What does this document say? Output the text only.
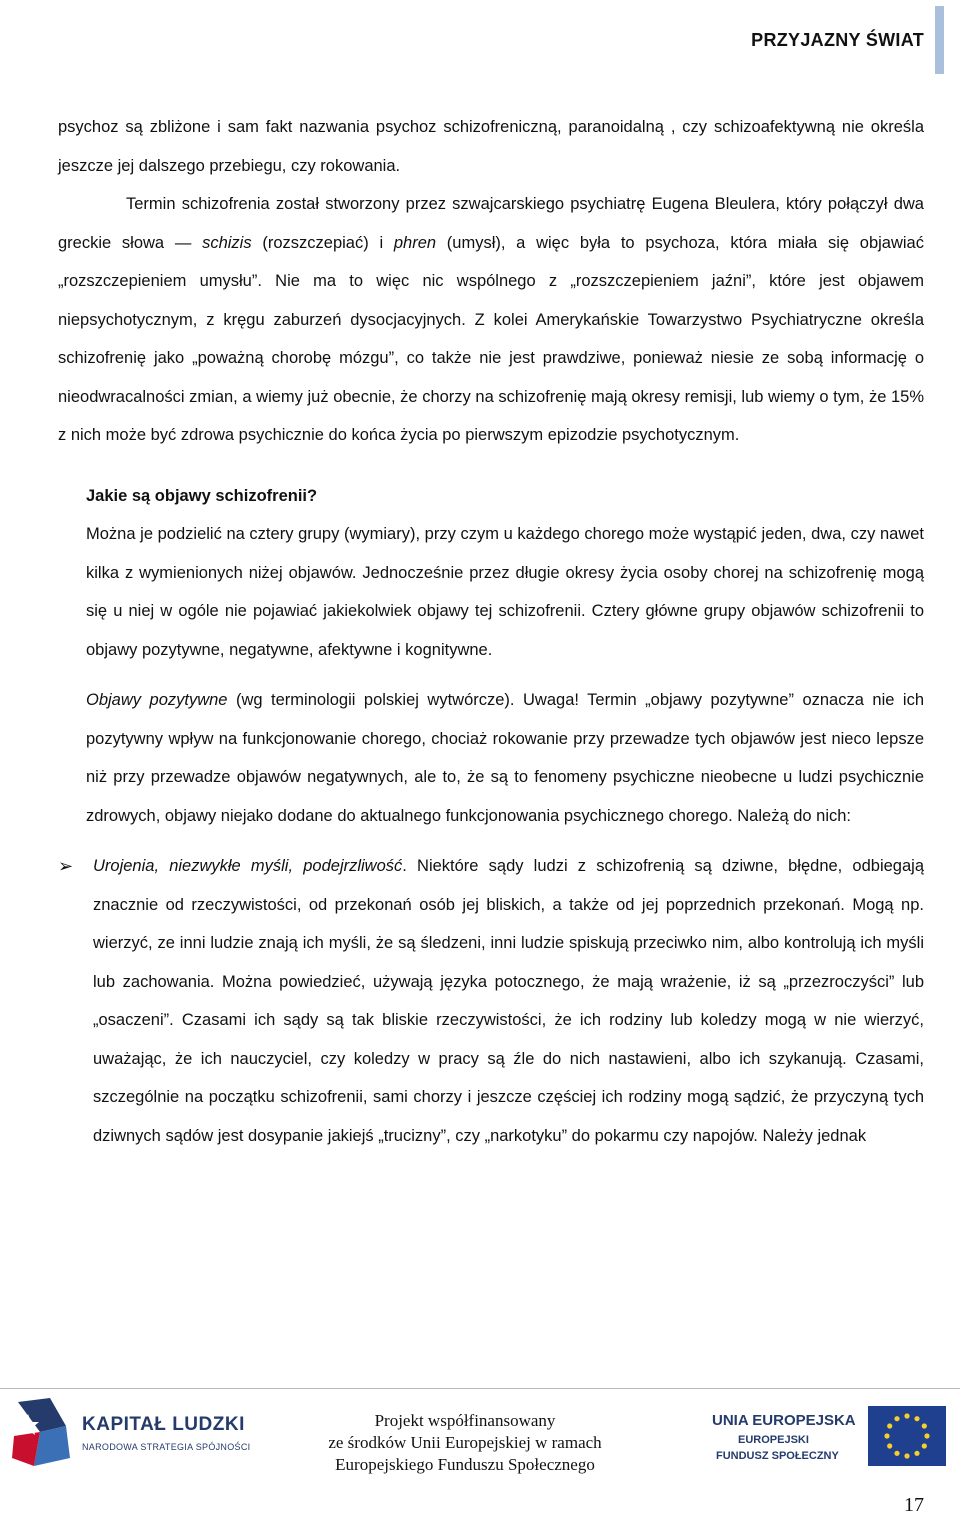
PRZYJAZNY ŚWIAT

psychoz są zbliżone i sam fakt nazwania psychoz schizofreniczną, paranoidalną , czy schizoafektywną nie określa jeszcze jej dalszego przebiegu, czy rokowania.

Termin schizofrenia został stworzony przez szwajcarskiego psychiatrę Eugena Bleulera, który połączył dwa greckie słowa ― schizis (rozszczepiać) i phren (umysł), a więc była to psychoza, która miała się objawiać „rozszczepieniem umysłu”. Nie ma to więc nic wspólnego z „rozszczepieniem jaźni”, które jest objawem niepsychotycznym, z kręgu zaburzeń dysocjacyjnych. Z kolei Amerykańskie Towarzystwo Psychiatryczne określa schizofrenię jako „poważną chorobę mózgu”, co także nie jest prawdziwe, ponieważ niesie ze sobą informację o nieodwracalności zmian, a wiemy już obecnie, że chorzy na schizofrenię mają okresy remisji, lub wiemy o tym, że 15% z nich może być zdrowa psychicznie do końca życia po pierwszym epizodzie psychotycznym.

Jakie są objawy schizofrenii?

Można je podzielić na cztery grupy (wymiary), przy czym u każdego chorego może wystąpić jeden, dwa, czy nawet kilka z wymienionych niżej objawów. Jednocześnie przez długie okresy życia osoby chorej na schizofrenię mogą się u niej w ogóle nie pojawiać jakiekolwiek objawy tej schizofrenii. Cztery główne grupy objawów schizofrenii to objawy pozytywne, negatywne, afektywne i kognitywne.

Objawy pozytywne (wg terminologii polskiej wytwórcze). Uwaga! Termin „objawy pozytywne” oznacza nie ich pozytywny wpływ na funkcjonowanie chorego, chociaż rokowanie przy przewadze tych objawów jest nieco lepsze niż przy przewadze objawów negatywnych, ale to, że są to fenomeny psychiczne nieobecne u ludzi psychicznie zdrowych, objawy niejako dodane do aktualnego funkcjonowania psychicznego chorego. Należą do nich:

➢	Urojenia, niezwykłe myśli, podejrzliwość. Niektóre sądy ludzi z schizofrenią są dziwne, błędne, odbiegają znacznie od rzeczywistości, od przekonań osób jej bliskich, a także od jej poprzednich przekonań. Mogą np. wierzyć, ze inni ludzie znają ich myśli, że są śledzeni, inni ludzie spiskują przeciwko nim, albo kontrolują ich myśli lub zachowania. Można powiedzieć, używają języka potocznego, że mają wrażenie, iż są „przezroczyści” lub „osaczeni”. Czasami ich sądy są tak bliskie rzeczywistości, że ich rodziny lub koledzy mogą w nie wierzyć, uważając, że ich nauczyciel, czy koledzy w pracy są źle do nich nastawieni, albo ich szykanują. Czasami, szczególnie na początku schizofrenii, sami chorzy i jeszcze częściej ich rodziny mogą sądzić, że przyczyną tych dziwnych sądów jest dosypanie jakiejś „trucizny”, czy „narkotyku” do pokarmu czy napojów. Należy jednak
KAPITAŁ LUDZKI
NARODOWA STRATEGIA SPÓJNOŚCI
Projekt współfinansowany
ze środków Unii Europejskiej w ramach
Europejskiego Funduszu Społecznego
UNIA EUROPEJSKA
EUROPEJSKI
FUNDUSZ SPOŁECZNY
17
